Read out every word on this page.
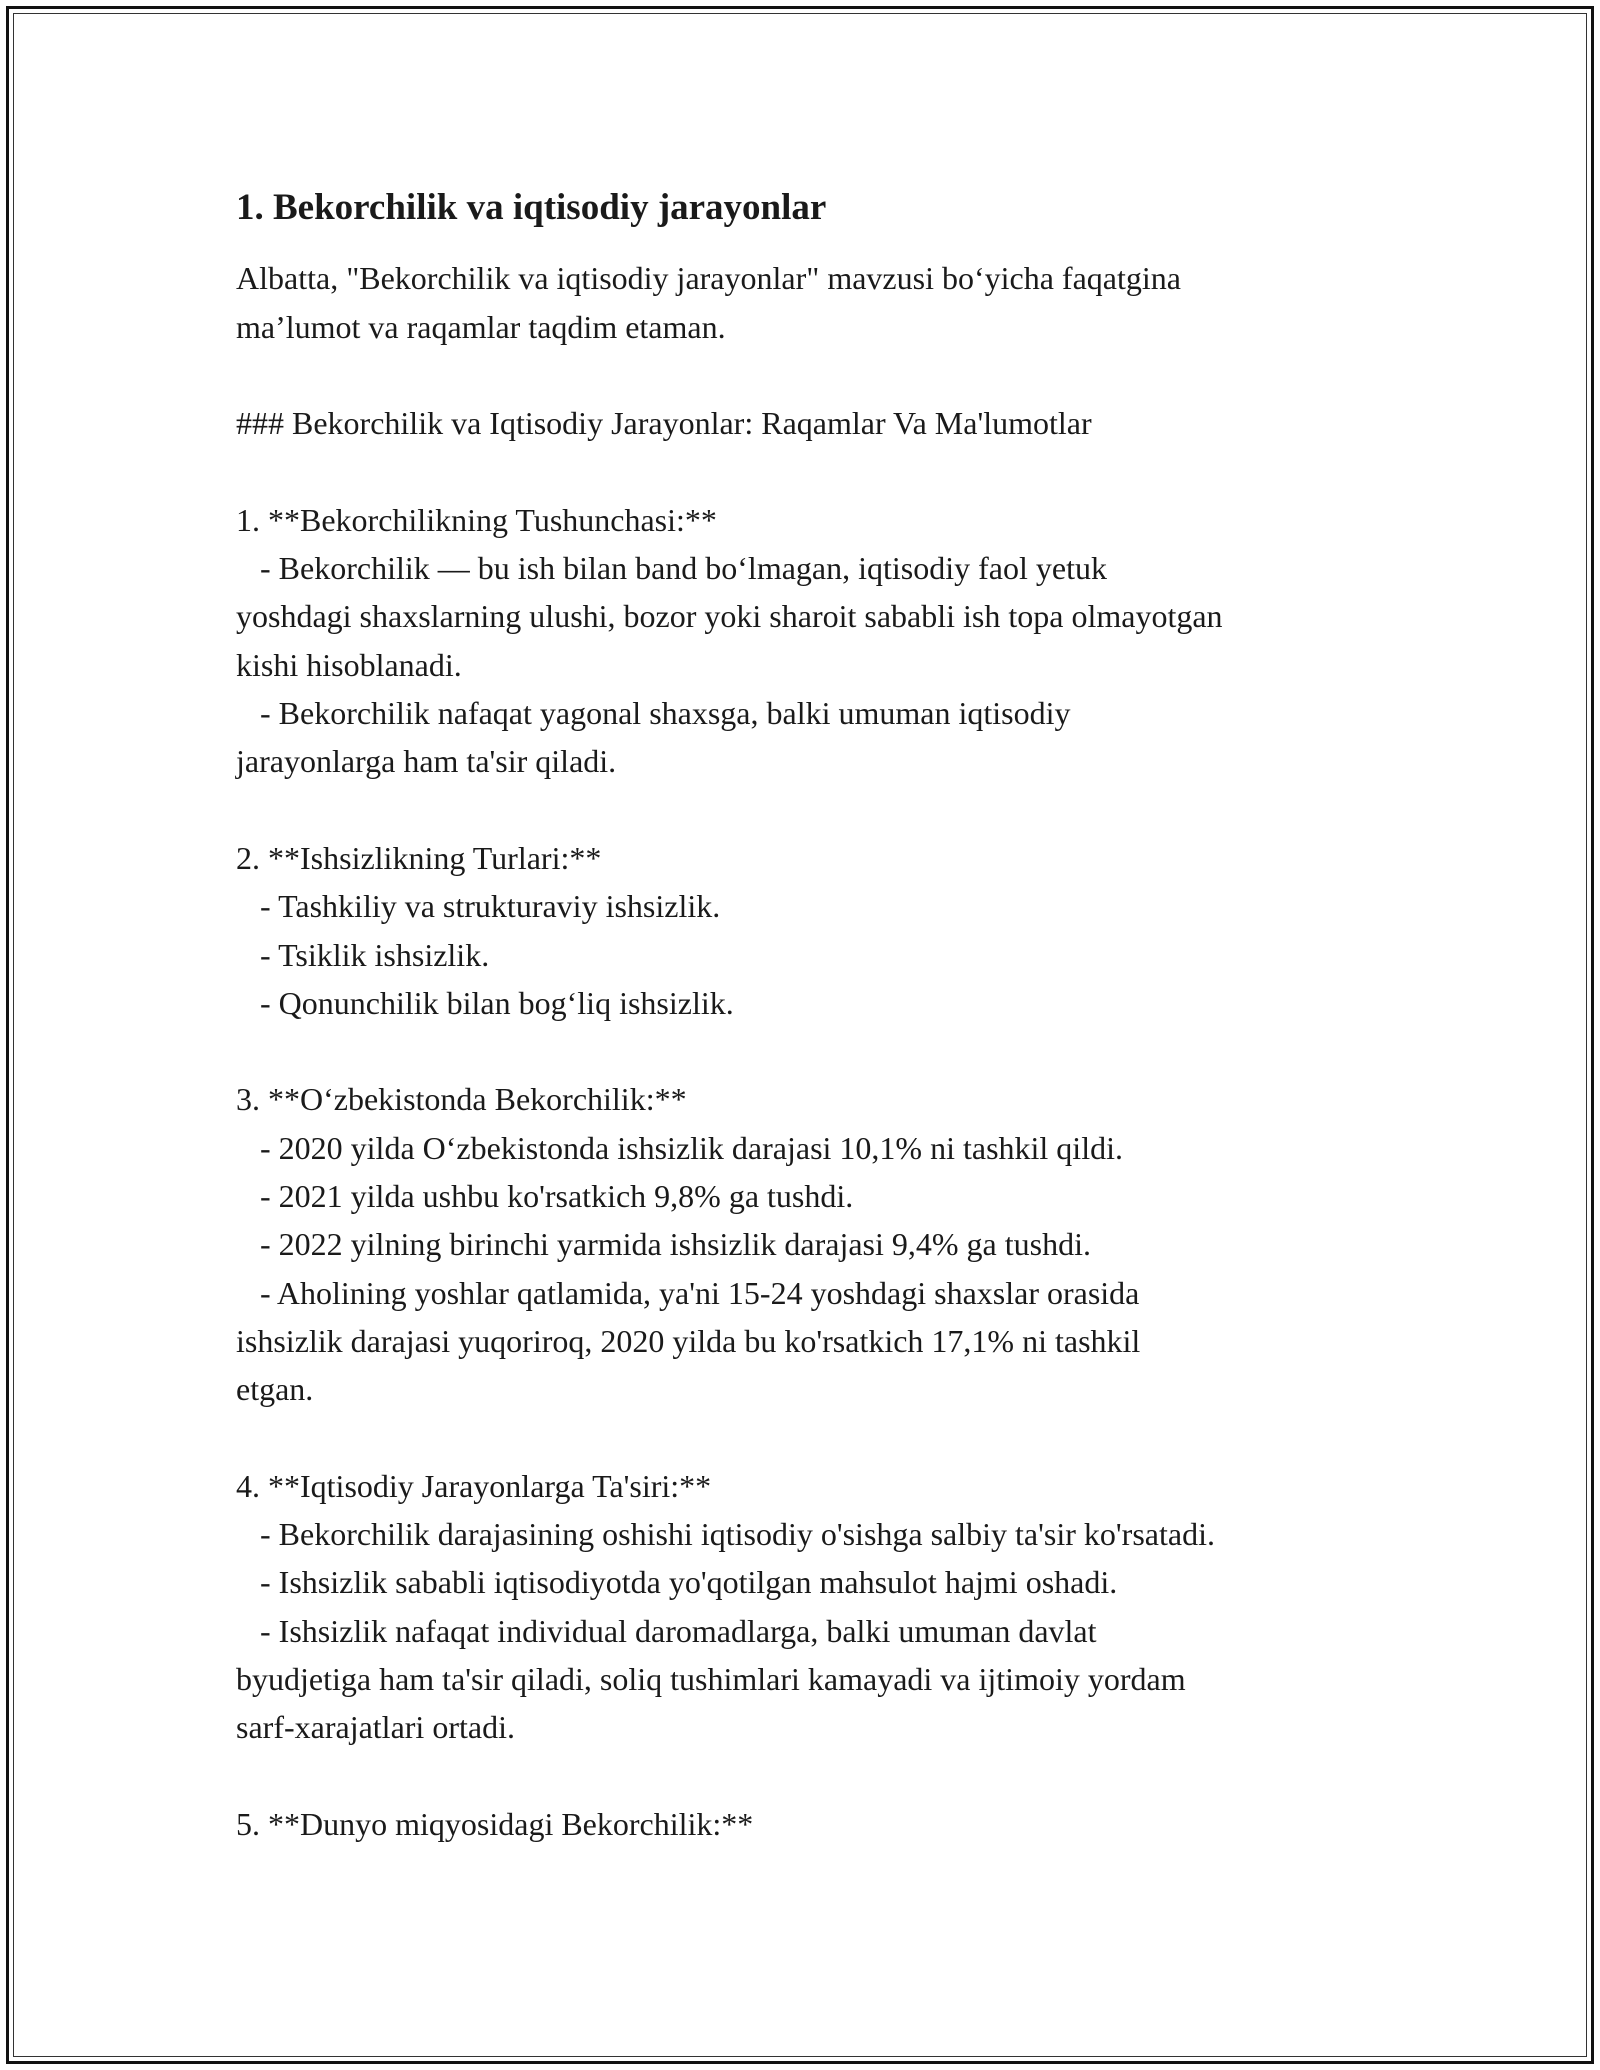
1. Bekorchilik va iqtisodiy jarayonlar
Albatta, "Bekorchilik va iqtisodiy jarayonlar" mavzusi bo‘yicha faqatgina
ma’lumot va raqamlar taqdim etaman.
### Bekorchilik va Iqtisodiy Jarayonlar: Raqamlar Va Ma'lumotlar
1. **Bekorchilikning Tushunchasi:**
- Bekorchilik — bu ish bilan band bo‘lmagan, iqtisodiy faol yetuk
yoshdagi shaxslarning ulushi, bozor yoki sharoit sababli ish topa olmayotgan
kishi hisoblanadi.
- Bekorchilik nafaqat yagonal shaxsga, balki umuman iqtisodiy
jarayonlarga ham ta'sir qiladi.
2. **Ishsizlikning Turlari:**
- Tashkiliy va strukturaviy ishsizlik.
- Tsiklik ishsizlik.
- Qonunchilik bilan bog‘liq ishsizlik.
3. **O‘zbekistonda Bekorchilik:**
- 2020 yilda O‘zbekistonda ishsizlik darajasi 10,1% ni tashkil qildi.
- 2021 yilda ushbu ko'rsatkich 9,8% ga tushdi.
- 2022 yilning birinchi yarmida ishsizlik darajasi 9,4% ga tushdi.
- Aholining yoshlar qatlamida, ya'ni 15-24 yoshdagi shaxslar orasida
ishsizlik darajasi yuqoriroq, 2020 yilda bu ko'rsatkich 17,1% ni tashkil
etgan.
4. **Iqtisodiy Jarayonlarga Ta'siri:**
- Bekorchilik darajasining oshishi iqtisodiy o'sishga salbiy ta'sir ko'rsatadi.
- Ishsizlik sababli iqtisodiyotda yo'qotilgan mahsulot hajmi oshadi.
- Ishsizlik nafaqat individual daromadlarga, balki umuman davlat
byudjetiga ham ta'sir qiladi, soliq tushimlari kamayadi va ijtimoiy yordam
sarf-xarajatlari ortadi.
5. **Dunyo miqyosidagi Bekorchilik:**
